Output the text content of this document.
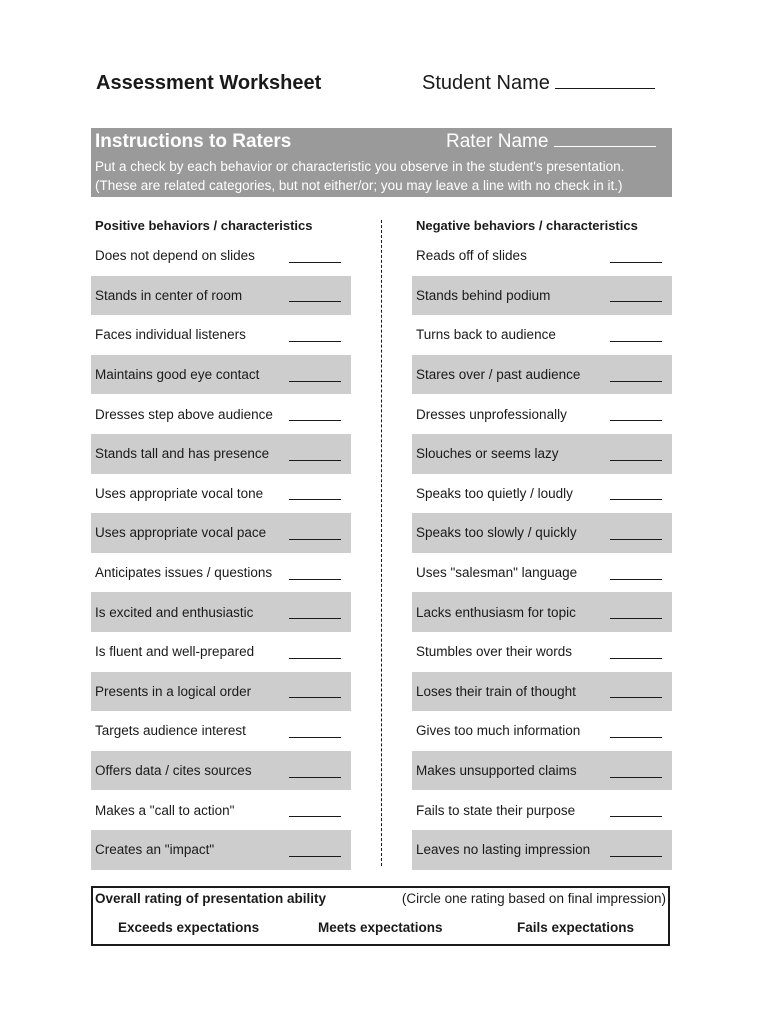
Assessment Worksheet	Student Name
Instructions to Raters	Rater Name
Put a check by each behavior or characteristic you observe in the student's presentation.
(These are related categories, but not either/or; you may leave a line with no check in it.)
Positive behaviors / characteristics	Negative behaviors / characteristics
Does not depend on slides	Reads off of slides
Stands in center of room	Stands behind podium
Faces individual listeners	Turns back to audience
Maintains good eye contact	Stares over / past audience
Dresses step above audience	Dresses unprofessionally
Stands tall and has presence	Slouches or seems lazy
Uses appropriate vocal tone	Speaks too quietly / loudly
Uses appropriate vocal pace	Speaks too slowly / quickly
Anticipates issues / questions	Uses "salesman" language
Is excited and enthusiastic	Lacks enthusiasm for topic
Is fluent and well-prepared	Stumbles over their words
Presents in a logical order	Loses their train of thought
Targets audience interest	Gives too much information
Offers data / cites sources	Makes unsupported claims
Makes a "call to action"	Fails to state their purpose
Creates an "impact"	Leaves no lasting impression
Overall rating of presentation ability	(Circle one rating based on final impression)
Exceeds expectations	Meets expectations	Fails expectations
